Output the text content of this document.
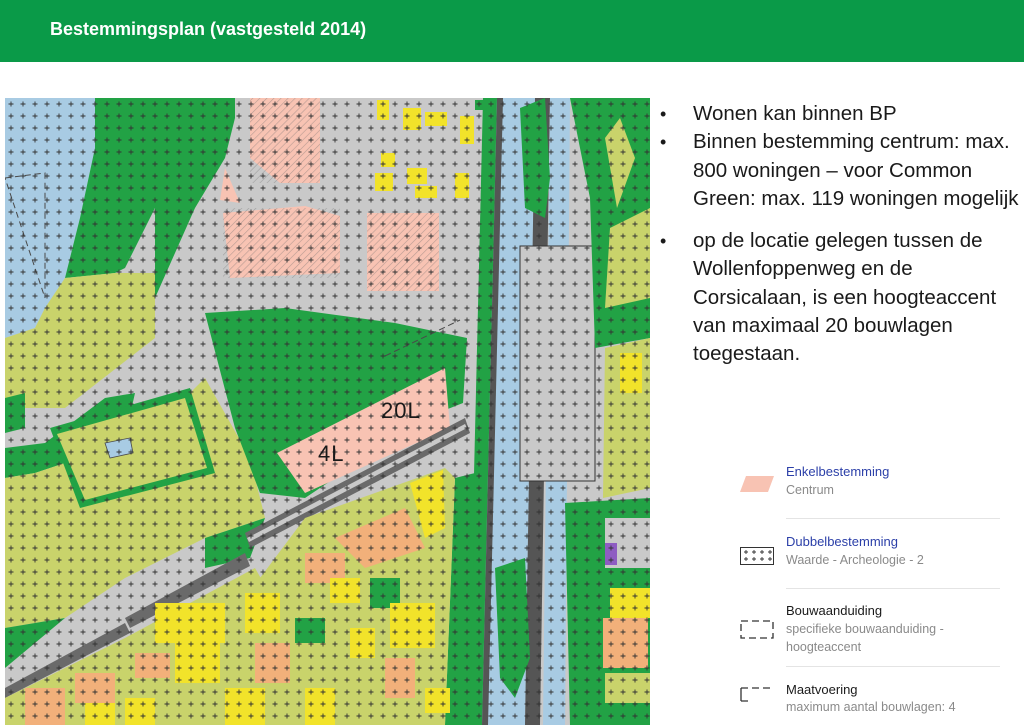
Bestemmingsplan (vastgesteld 2014)
20L
4L
• Wonen kan binnen BP
• Binnen bestemming centrum: max. 800 woningen – voor Common Green: max. 119 woningen mogelijk
• op de locatie gelegen tussen de Wollenfoppenweg en de Corsicalaan, is een hoogteaccent van maximaal 20 bouwlagen toegestaan.
Enkelbestemming
Centrum
Dubbelbestemming
Waarde - Archeologie - 2
Bouwaanduiding
specifieke bouwaanduiding - hoogteaccent
Maatvoering
maximum aantal bouwlagen: 4
